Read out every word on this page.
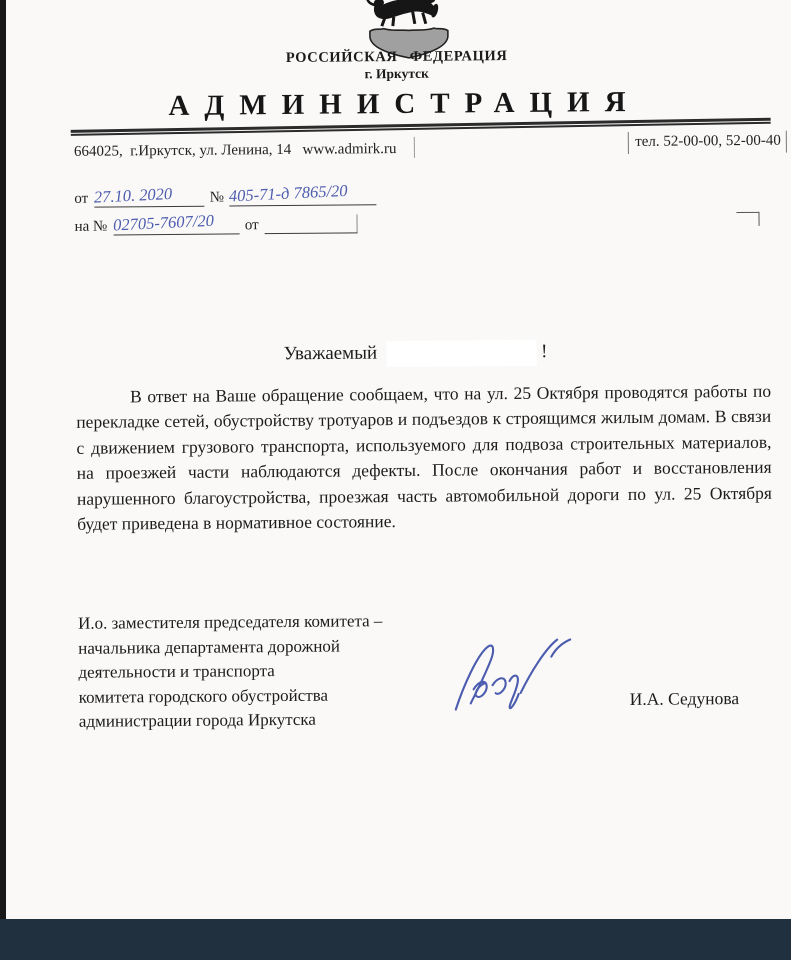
РОССИЙСКАЯ ФЕДЕРАЦИЯ
г. Иркутск
АДМИНИСТРАЦИЯ
664025,  г.Иркутск, ул. Ленина, 14   www.admirk.ru	тел. 52-00-00, 52-00-40
от 27.10. 2020 № 405-71-д 7865/20
на № 02705-7607/20 от
Уважаемый	!
В ответ на Ваше обращение сообщаем, что на ул. 25 Октября проводятся работы по перекладке сетей, обустройству тротуаров и подъездов к строящимся жилым домам. В связи с движением грузового транспорта, используемого для подвоза строительных материалов, на проезжей части наблюдаются дефекты. После окончания работ и восстановления нарушенного благоустройства, проезжая часть автомобильной дороги по ул. 25 Октября будет приведена в нормативное состояние.
И.о. заместителя председателя комитета –
начальника департамента дорожной
деятельности и транспорта
комитета городского обустройства
администрации города Иркутска
И.А. Седунова
